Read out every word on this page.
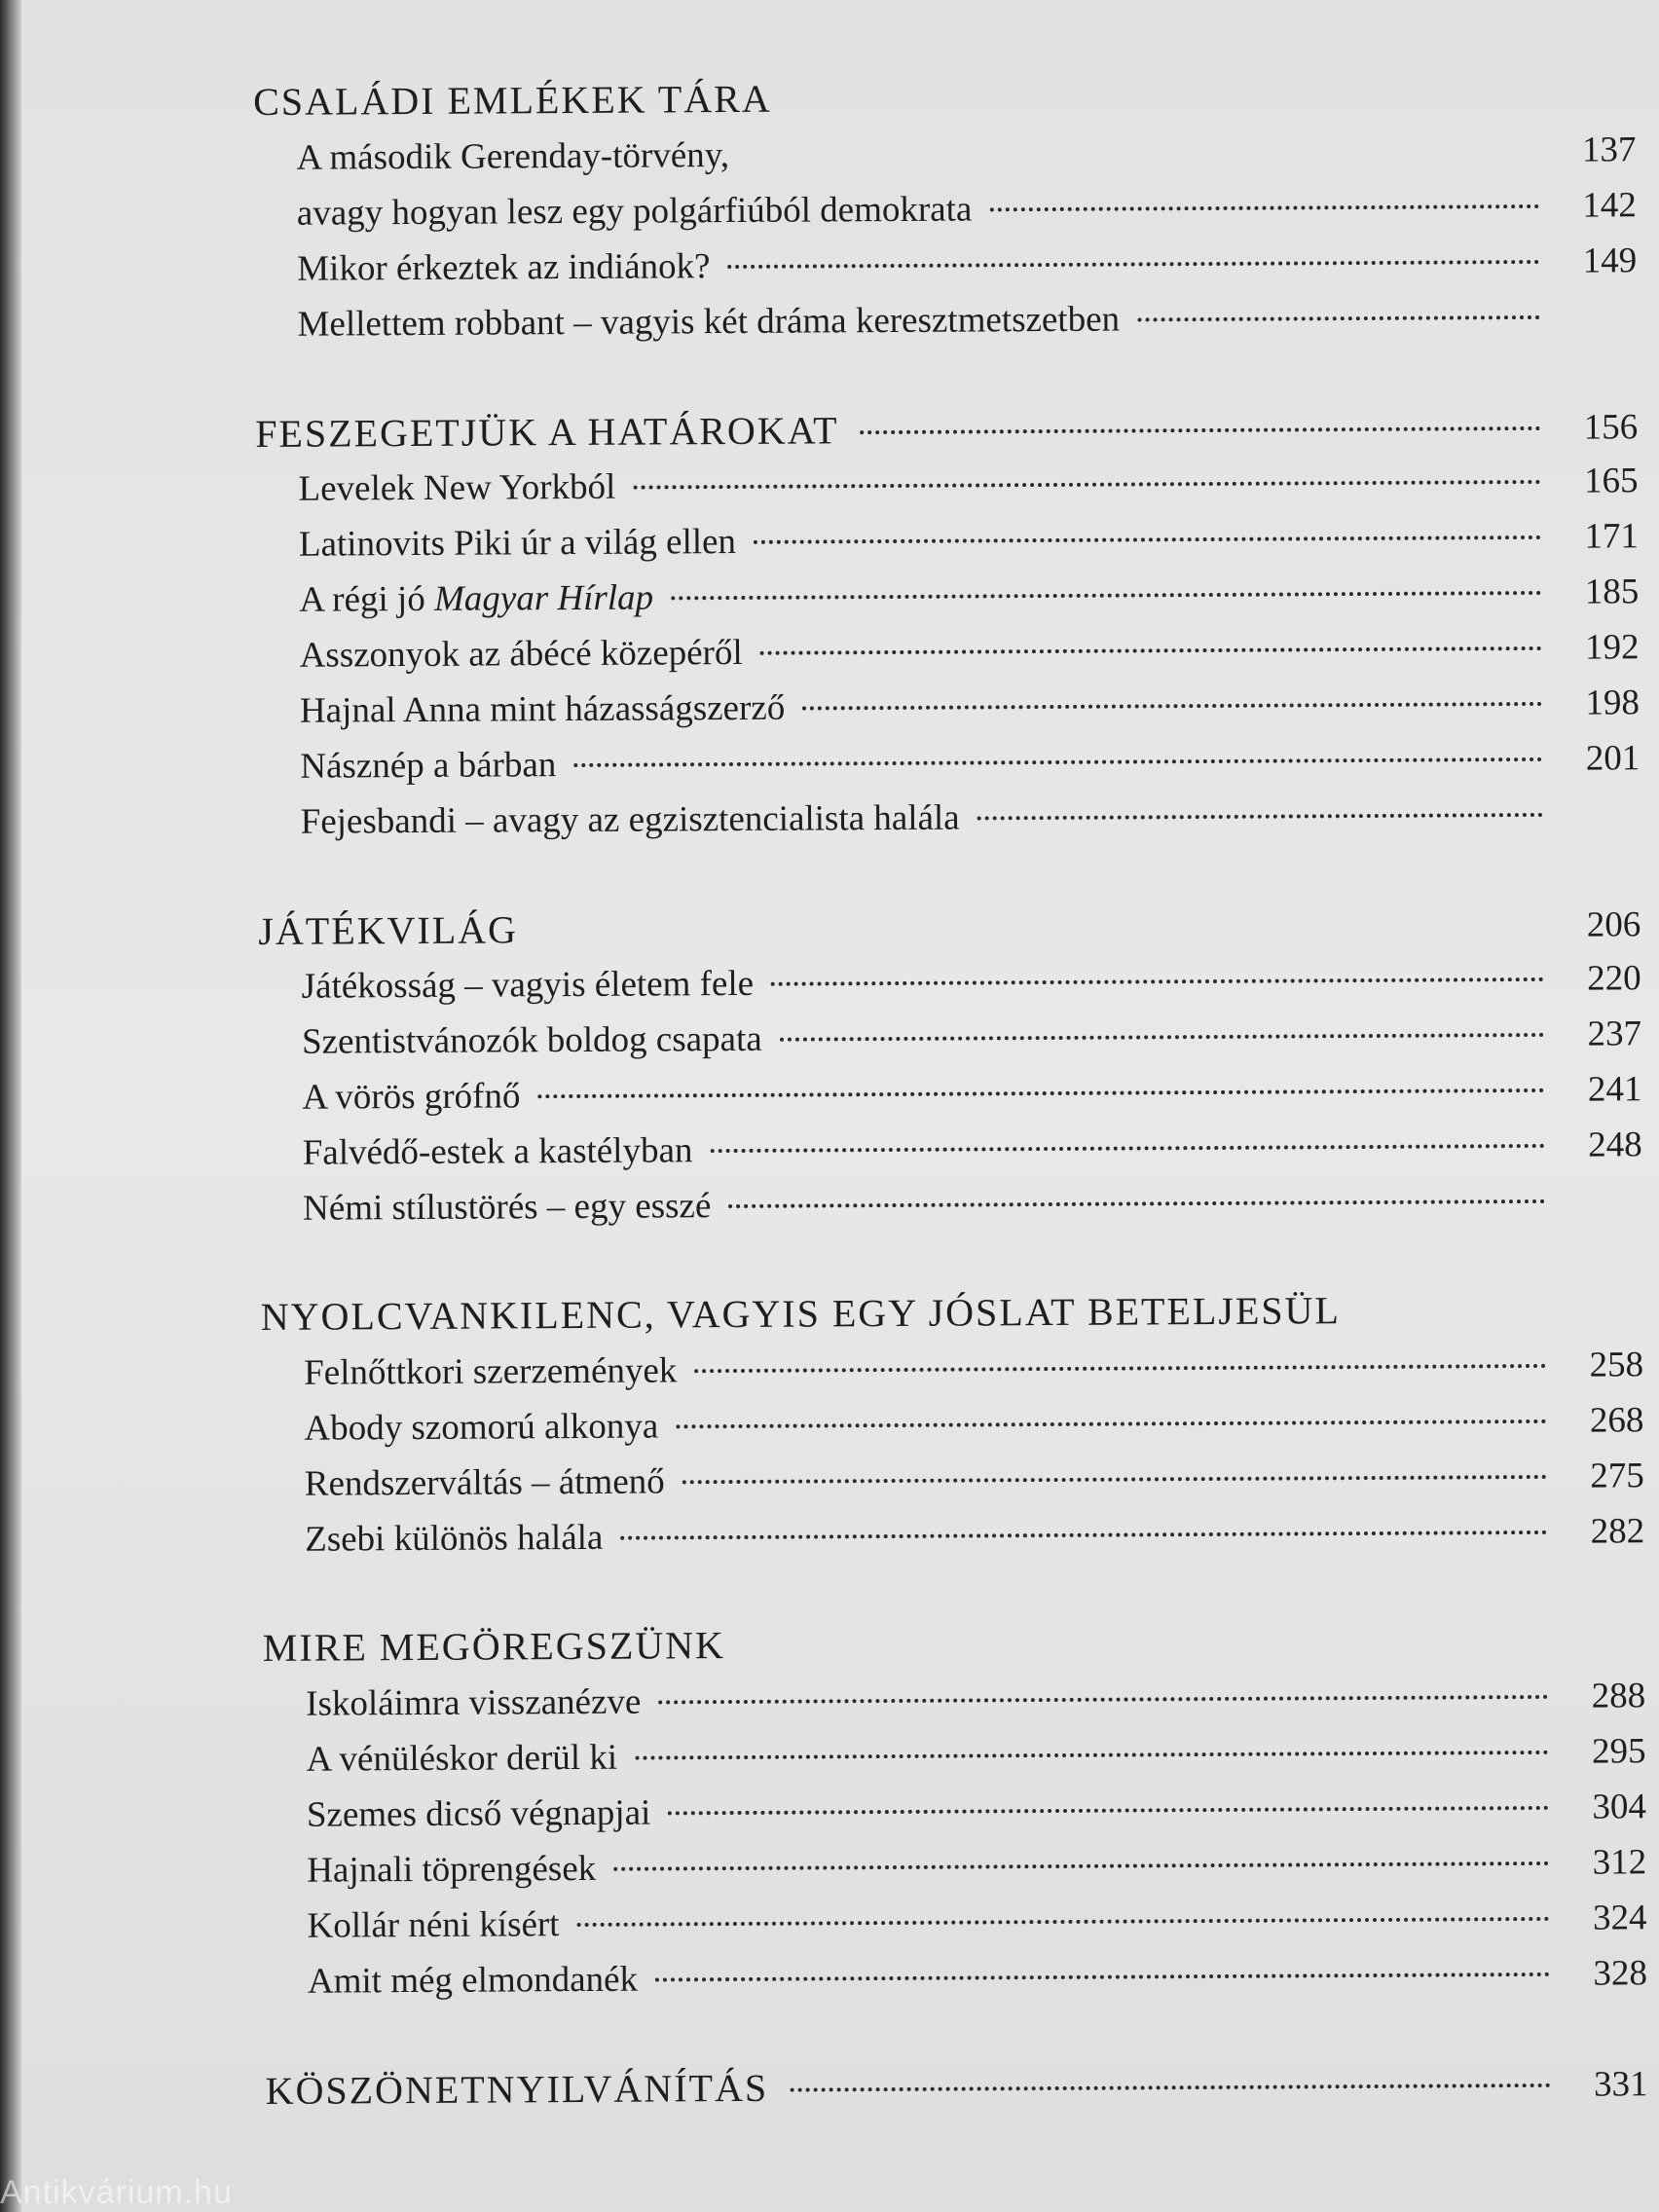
CSALÁDI EMLÉKEK TÁRA
A második Gerenday-törvény,	137
avagy hogyan lesz egy polgárfiúból demokrata	142
Mikor érkeztek az indiánok?	149
Mellettem robbant – vagyis két dráma keresztmetszetben
FESZEGETJÜK A HATÁROKAT	156
Levelek New Yorkból	165
Latinovits Piki úr a világ ellen	171
A régi jó Magyar Hírlap	185
Asszonyok az ábécé közepéről	192
Hajnal Anna mint házasságszerző	198
Násznép a bárban	201
Fejesbandi – avagy az egzisztencialista halála
JÁTÉKVILÁG	206
Játékosság – vagyis életem fele	220
Szentistvánozók boldog csapata	237
A vörös grófnő	241
Falvédő-estek a kastélyban	248
Némi stílustörés – egy esszé
NYOLCVANKILENC, VAGYIS EGY JÓSLAT BETELJESÜL
Felnőttkori szerzemények	258
Abody szomorú alkonya	268
Rendszerváltás – átmenő	275
Zsebi különös halála	282
MIRE MEGÖREGSZÜNK
Iskoláimra visszanézve	288
A vénüléskor derül ki	295
Szemes dicső végnapjai	304
Hajnali töprengések	312
Kollár néni kísért	324
Amit még elmondanék	328
KÖSZÖNETNYILVÁNÍTÁS	331
Antikvárium.hu
